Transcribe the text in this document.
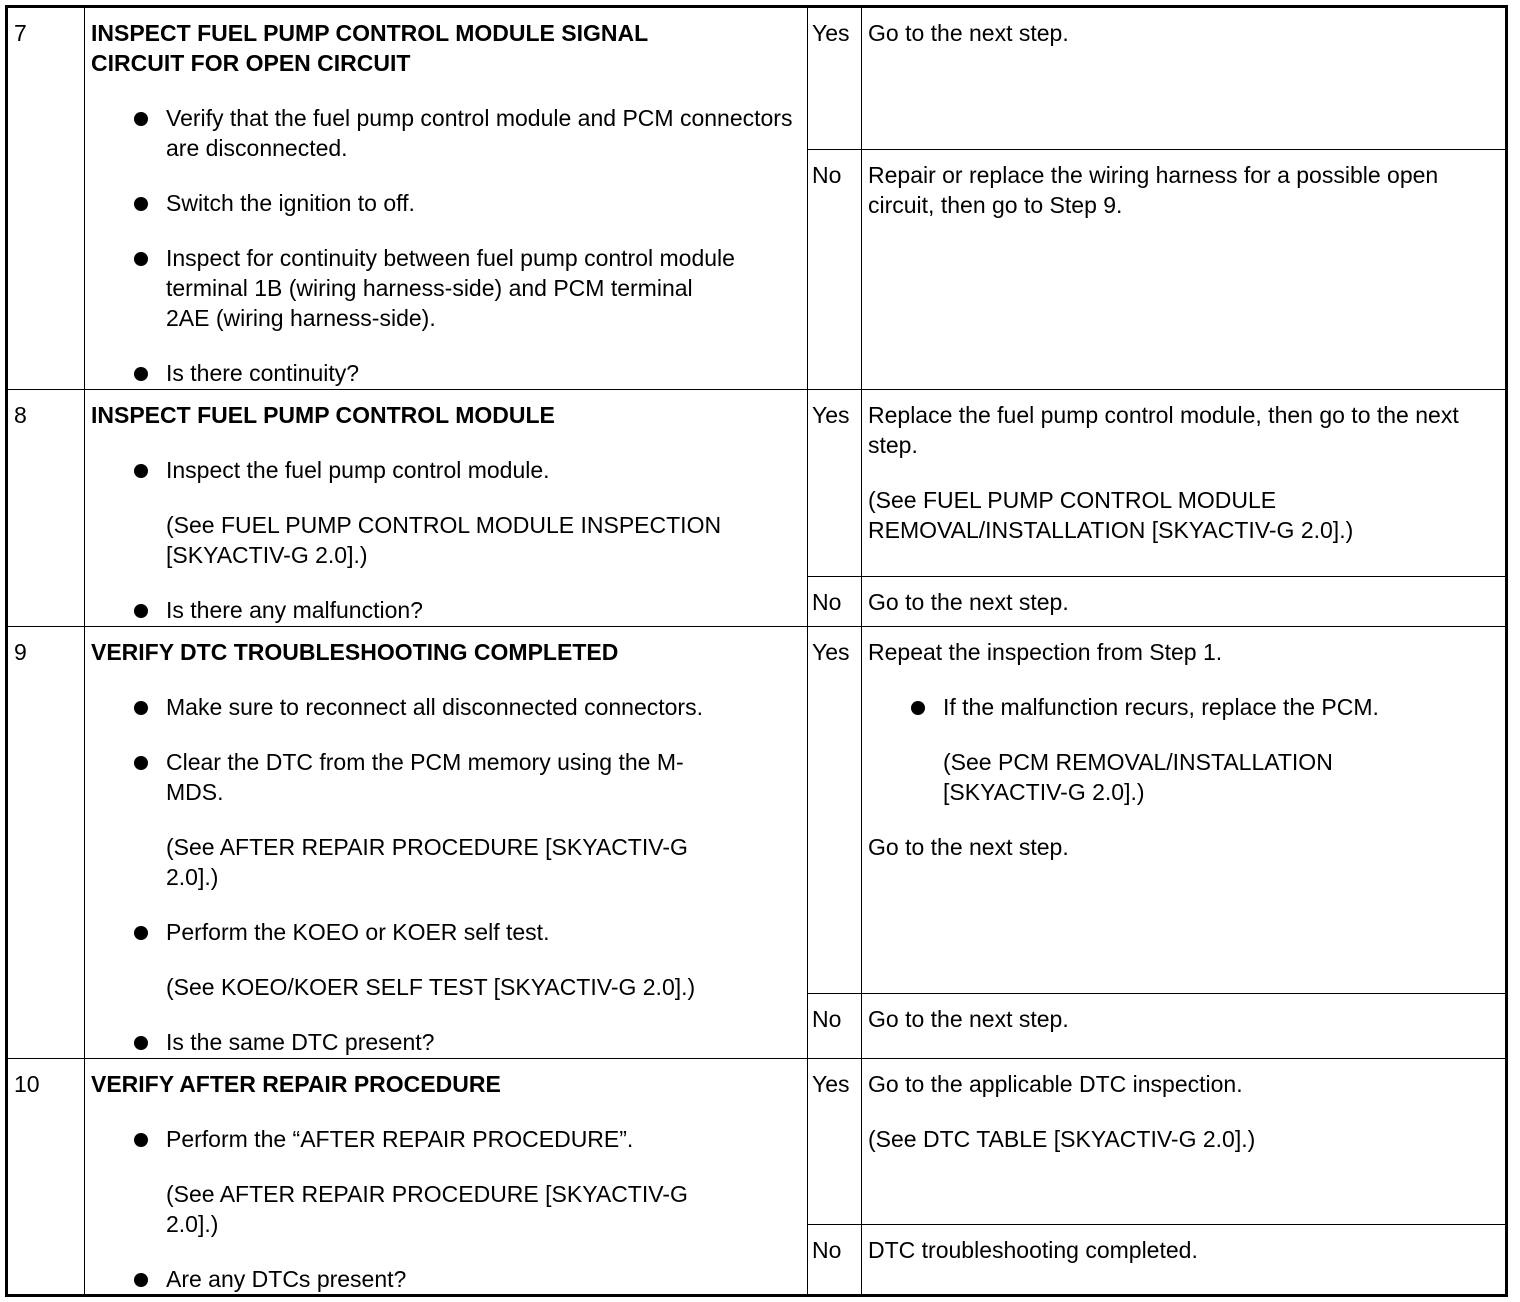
7	INSPECT FUEL PUMP CONTROL MODULE SIGNAL CIRCUIT FOR OPEN CIRCUIT
Verify that the fuel pump control module and PCM connectors are disconnected.
Switch the ignition to off.
Inspect for continuity between fuel pump control module terminal 1B (wiring harness-side) and PCM terminal 2AE (wiring harness-side).
Is there continuity?
Yes Go to the next step.
No	Repair or replace the wiring harness for a possible open circuit, then go to Step 9.
8	INSPECT FUEL PUMP CONTROL MODULE
Inspect the fuel pump control module.
(See FUEL PUMP CONTROL MODULE INSPECTION [SKYACTIV-G 2.0].)
Is there any malfunction?
Yes Replace the fuel pump control module, then go to the next step.
(See FUEL PUMP CONTROL MODULE REMOVAL/INSTALLATION [SKYACTIV-G 2.0].)
No	Go to the next step.
9	VERIFY DTC TROUBLESHOOTING COMPLETED
Make sure to reconnect all disconnected connectors.
Clear the DTC from the PCM memory using the M-MDS.
(See AFTER REPAIR PROCEDURE [SKYACTIV-G 2.0].)
Perform the KOEO or KOER self test.
(See KOEO/KOER SELF TEST [SKYACTIV-G 2.0].)
Is the same DTC present?
Yes Repeat the inspection from Step 1.
If the malfunction recurs, replace the PCM.
(See PCM REMOVAL/INSTALLATION [SKYACTIV-G 2.0].)
Go to the next step.
No	Go to the next step.
10	VERIFY AFTER REPAIR PROCEDURE
Perform the “AFTER REPAIR PROCEDURE”.
(See AFTER REPAIR PROCEDURE [SKYACTIV-G 2.0].)
Are any DTCs present?
Yes Go to the applicable DTC inspection.
(See DTC TABLE [SKYACTIV-G 2.0].)
No	DTC troubleshooting completed.
